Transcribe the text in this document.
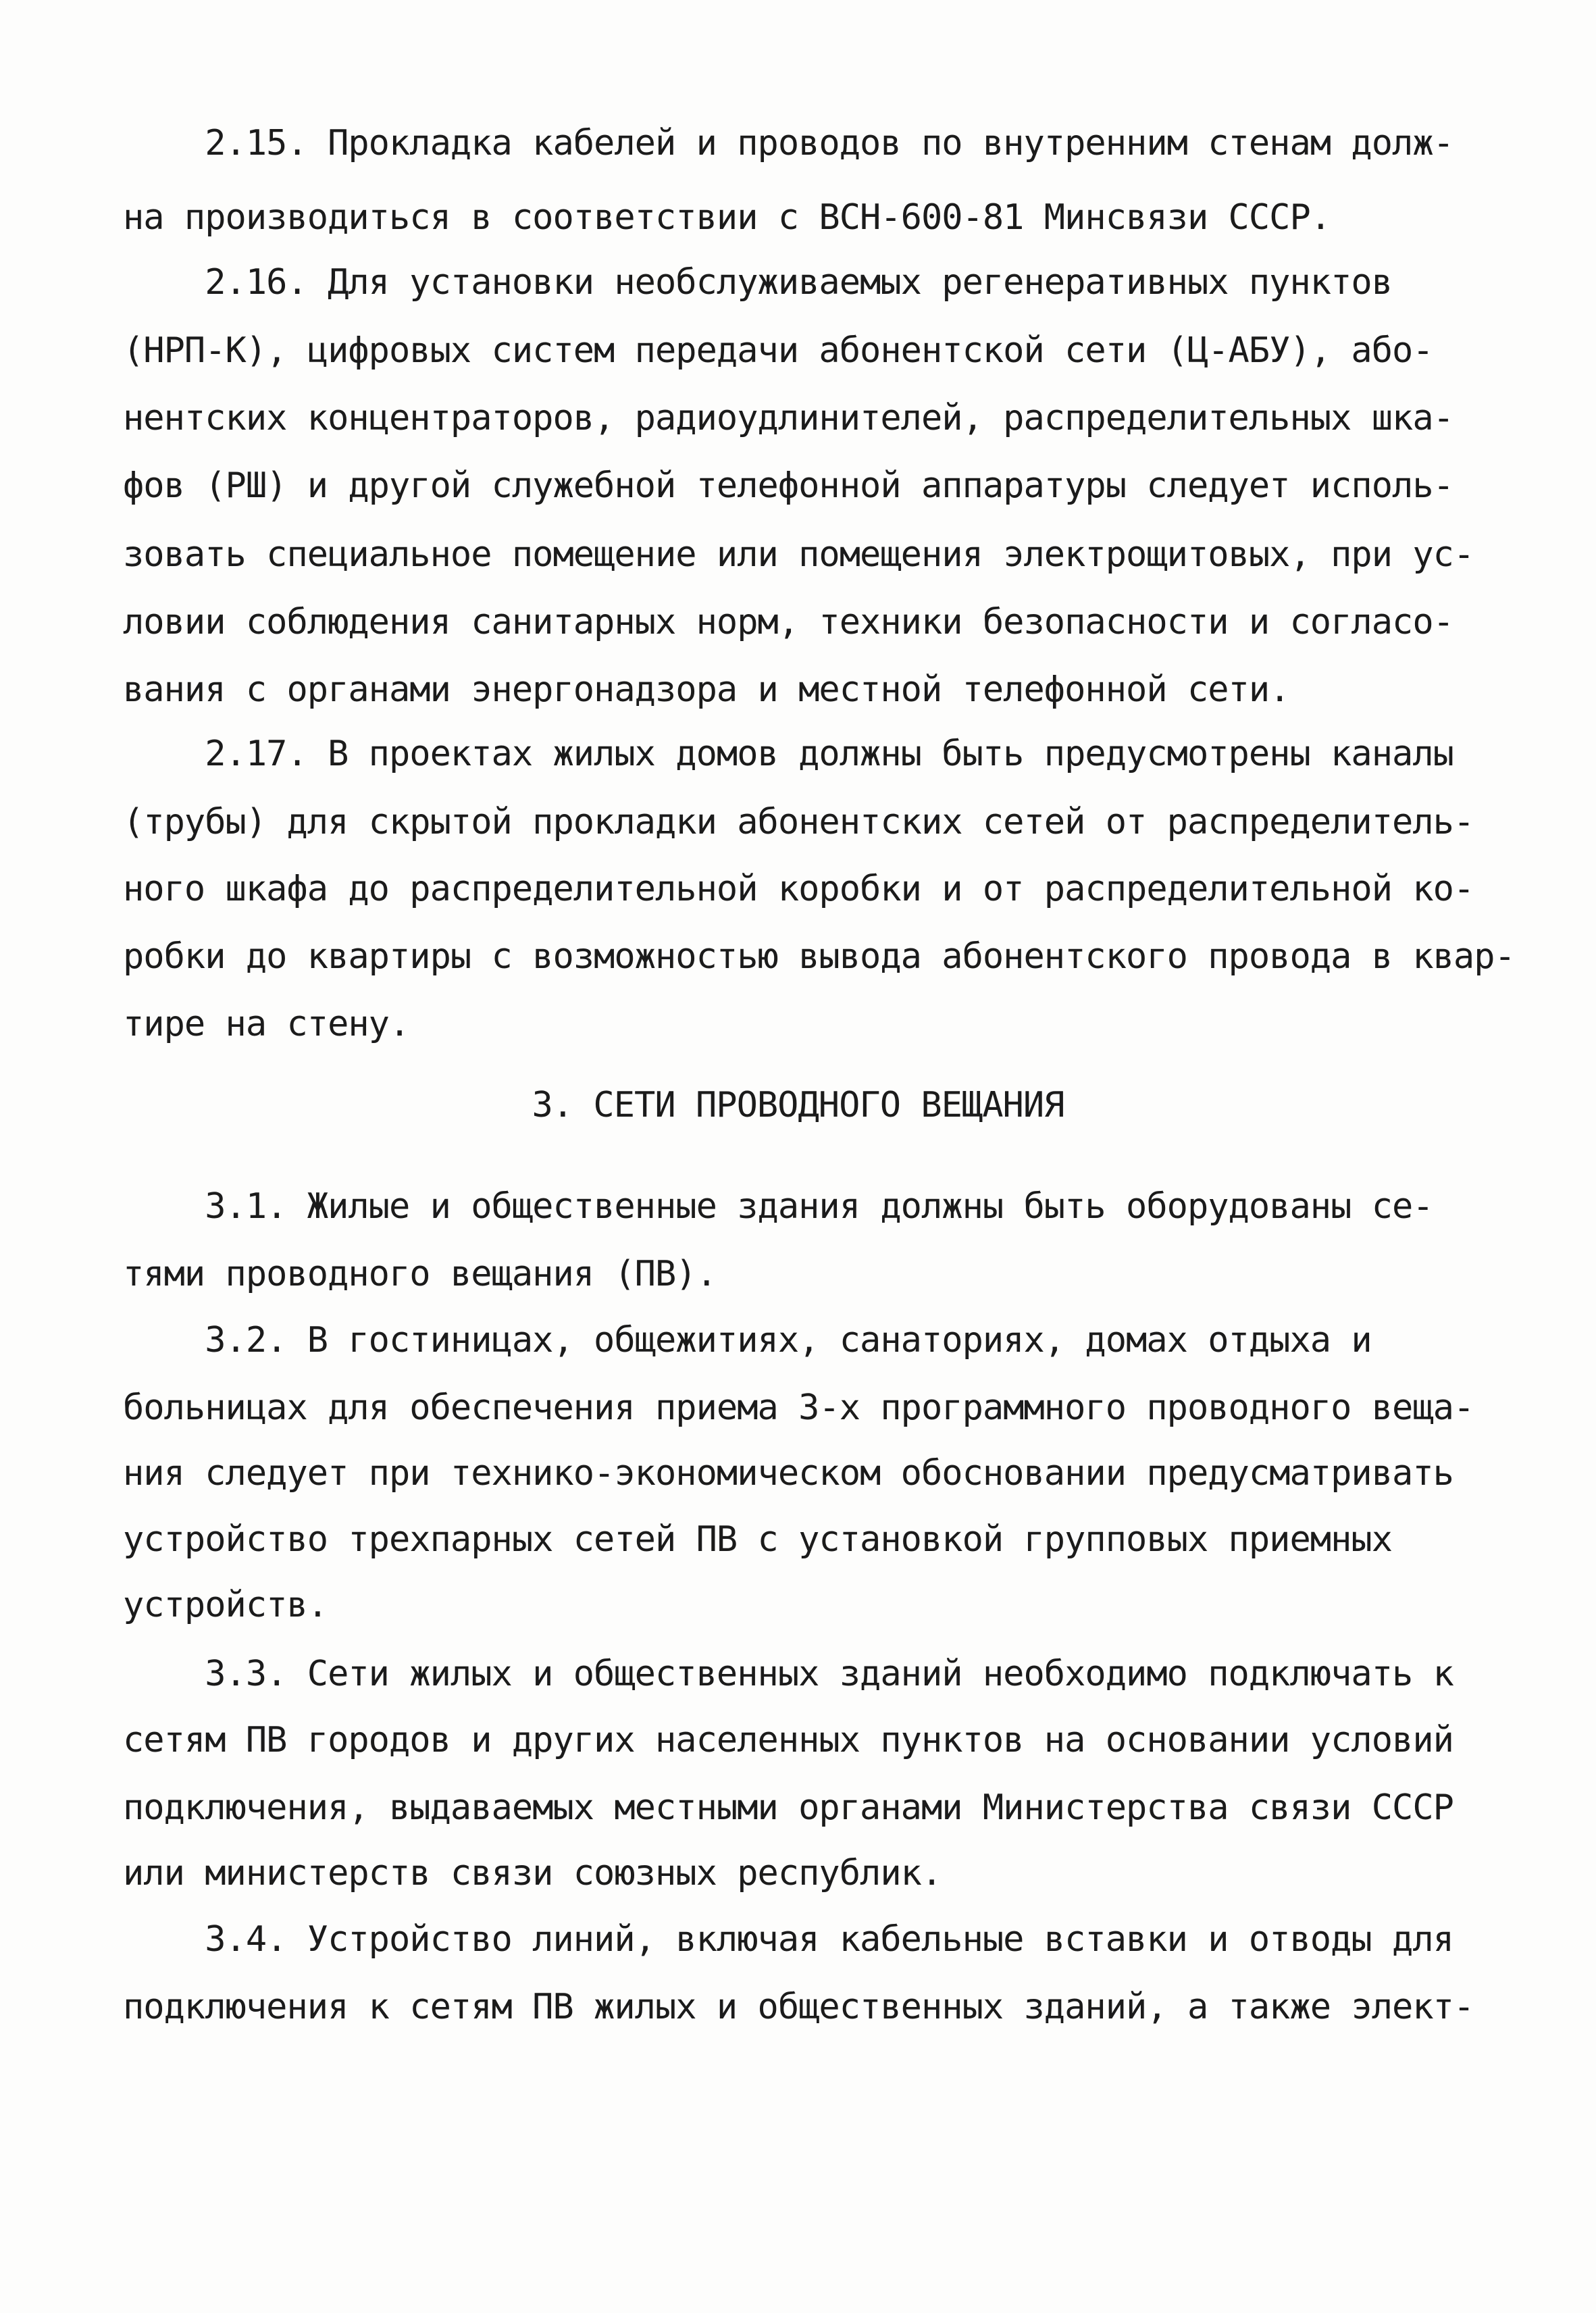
2.15. Прокладка кабелей и проводов по внутренним стенам долж-
на производиться в соответствии с ВСН-600-81 Минсвязи СССР.
2.16. Для установки необслуживаемых регенеративных пунктов
(НРП-К), цифровых систем передачи абонентской сети (Ц-АБУ), або-
нентских концентраторов, радиоудлинителей, распределительных шка-
фов (РШ) и другой служебной телефонной аппаратуры следует исполь-
зовать специальное помещение или помещения электрощитовых, при ус-
ловии соблюдения санитарных норм, техники безопасности и согласо-
вания с органами энергонадзора и местной телефонной сети.
2.17. В проектах жилых домов должны быть предусмотрены каналы
(трубы) для скрытой прокладки абонентских сетей от распределитель-
ного шкафа до распределительной коробки и от распределительной ко-
робки до квартиры с возможностью вывода абонентского провода в квар-
тире на стену.
3. СЕТИ ПРОВОДНОГО ВЕЩАНИЯ
3.1. Жилые и общественные здания должны быть оборудованы се-
тями проводного вещания (ПВ).
3.2. В гостиницах, общежитиях, санаториях, домах отдыха и
больницах для обеспечения приема 3-х программного проводного веща-
ния следует при технико-экономическом обосновании предусматривать
устройство трехпарных сетей ПВ с установкой групповых приемных
устройств.
3.3. Сети жилых и общественных зданий необходимо подключать к
сетям ПВ городов и других населенных пунктов на основании условий
подключения, выдаваемых местными органами Министерства связи СССР
или министерств связи союзных республик.
3.4. Устройство линий, включая кабельные вставки и отводы для
подключения к сетям ПВ жилых и общественных зданий, а также элект-
